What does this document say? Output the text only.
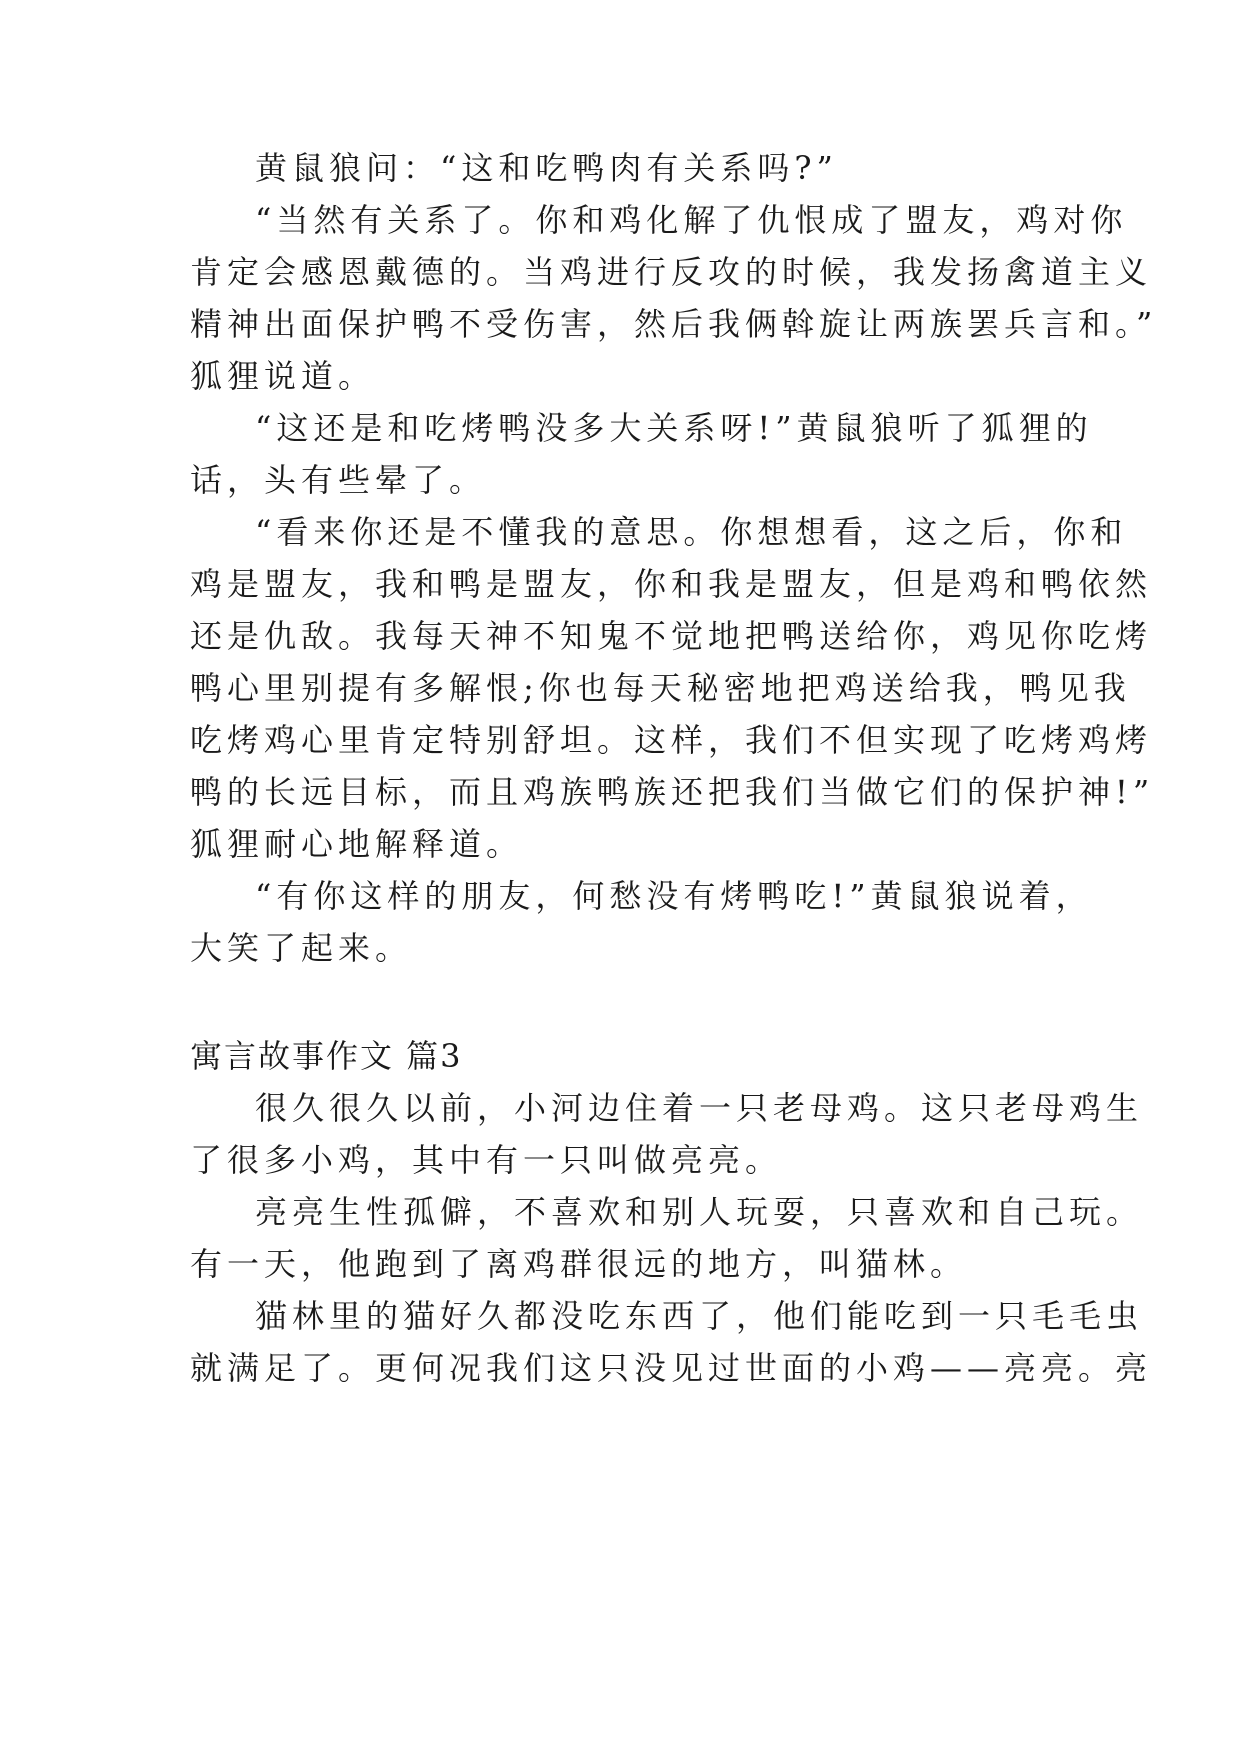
黄鼠狼问：“这和吃鸭肉有关系吗?”
“当然有关系了。你和鸡化解了仇恨成了盟友，鸡对你
肯定会感恩戴德的。当鸡进行反攻的时候，我发扬禽道主义
精神出面保护鸭不受伤害，然后我俩斡旋让两族罢兵言和。”
狐狸说道。
“这还是和吃烤鸭没多大关系呀!”黄鼠狼听了狐狸的
话，头有些晕了。
“看来你还是不懂我的意思。你想想看，这之后，你和
鸡是盟友，我和鸭是盟友，你和我是盟友，但是鸡和鸭依然
还是仇敌。我每天神不知鬼不觉地把鸭送给你，鸡见你吃烤
鸭心里别提有多解恨;你也每天秘密地把鸡送给我，鸭见我
吃烤鸡心里肯定特别舒坦。这样，我们不但实现了吃烤鸡烤
鸭的长远目标，而且鸡族鸭族还把我们当做它们的保护神!”
狐狸耐心地解释道。
“有你这样的朋友，何愁没有烤鸭吃!”黄鼠狼说着，
大笑了起来。
寓言故事作文 篇3
很久很久以前，小河边住着一只老母鸡。这只老母鸡生
了很多小鸡，其中有一只叫做亮亮。
亮亮生性孤僻，不喜欢和别人玩耍，只喜欢和自己玩。
有一天，他跑到了离鸡群很远的地方，叫猫林。
猫林里的猫好久都没吃东西了，他们能吃到一只毛毛虫
就满足了。更何况我们这只没见过世面的小鸡——亮亮。亮
